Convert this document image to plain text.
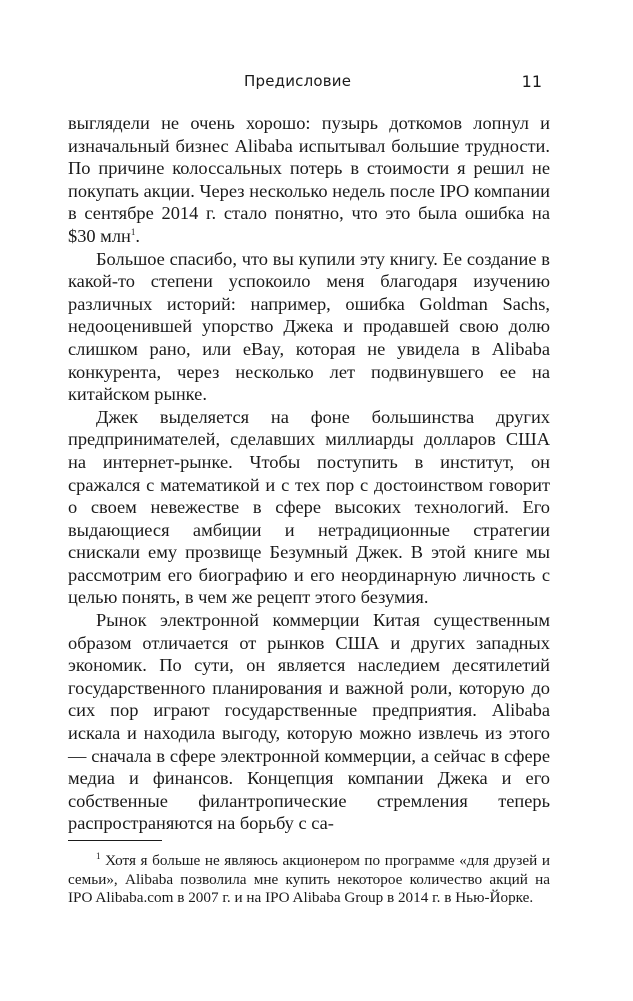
Предисловие	11

выглядели не очень хорошо: пузырь доткомов лопнул и изначальный бизнес Alibaba испытывал большие трудности. По причине колоссальных потерь в стоимости я решил не покупать акции. Через несколько недель после IPO компании в сентябре 2014 г. стало понятно, что это была ошибка на $30 млн$^1$.

Большое спасибо, что вы купили эту книгу. Ее создание в какой-то степени успокоило меня благодаря изучению различных историй: например, ошибка Goldman Sachs, недооценившей упорство Джека и продавшей свою долю слишком рано, или eBay, которая не увидела в Alibaba конкурента, через несколько лет подвинувшего ее на китайском рынке.

Джек выделяется на фоне большинства других предпринимателей, сделавших миллиарды долларов США на интернет-рынке. Чтобы поступить в институт, он сражался с математикой и с тех пор с достоинством говорит о своем невежестве в сфере высоких технологий. Его выдающиеся амбиции и нетрадиционные стратегии снискали ему прозвище Безумный Джек. В этой книге мы рассмотрим его биографию и его неординарную личность с целью понять, в чем же рецепт этого безумия.

Рынок электронной коммерции Китая существенным образом отличается от рынков США и других западных экономик. По сути, он является наследием десятилетий государственного планирования и важной роли, которую до сих пор играют государственные предприятия. Alibaba искала и находила выгоду, которую можно извлечь из этого — сначала в сфере электронной коммерции, а сейчас в сфере медиа и финансов. Концепция компании Джека и его собственные филантропические стремления теперь распространяются на борьбу с са-

$^1$ Хотя я больше не являюсь акционером по программе «для друзей и семьи», Alibaba позволила мне купить некоторое количество акций на IPO Alibaba.com в 2007 г. и на IPO Alibaba Group в 2014 г. в Нью-Йорке.
